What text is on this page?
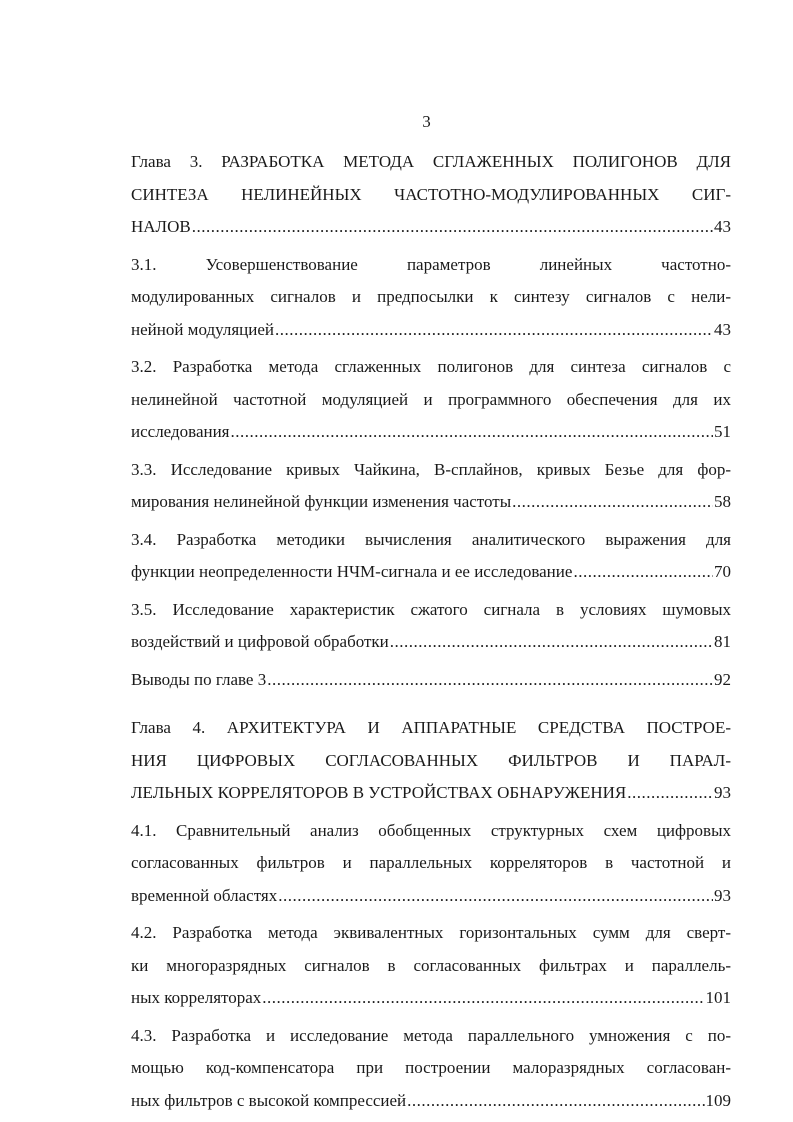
3
Глава 3. РАЗРАБОТКА МЕТОДА СГЛАЖЕННЫХ ПОЛИГОНОВ ДЛЯ
СИНТЕЗА НЕЛИНЕЙНЫХ ЧАСТОТНО-МОДУЛИРОВАННЫХ СИГ-
НАЛОВ .....	43
3.1. Усовершенствование параметров линейных частотно-
модулированных сигналов и предпосылки к синтезу сигналов с нели-
нейной модуляцией .....	43
3.2. Разработка метода сглаженных полигонов для синтеза сигналов с
нелинейной частотной модуляцией и программного обеспечения для их
исследования .....	51
3.3. Исследование кривых Чайкина, В-сплайнов, кривых Безье для фор-
мирования нелинейной функции изменения частоты .....	58
3.4. Разработка методики вычисления аналитического выражения для
функции неопределенности НЧМ-сигнала и ее исследование .....	70
3.5. Исследование характеристик сжатого сигнала в условиях шумовых
воздействий и цифровой обработки .....	81
Выводы по главе 3 .....	92
Глава 4. АРХИТЕКТУРА И АППАРАТНЫЕ СРЕДСТВА ПОСТРОЕ-
НИЯ ЦИФРОВЫХ СОГЛАСОВАННЫХ ФИЛЬТРОВ И ПАРАЛ-
ЛЕЛЬНЫХ КОРРЕЛЯТОРОВ В УСТРОЙСТВАХ ОБНАРУЖЕНИЯ .....	93
4.1. Сравнительный анализ обобщенных структурных схем цифровых
согласованных фильтров и параллельных корреляторов в частотной и
временной областях .....	93
4.2. Разработка метода эквивалентных горизонтальных сумм для сверт-
ки многоразрядных сигналов в согласованных фильтрах и параллель-
ных корреляторах .....	101
4.3. Разработка и исследование метода параллельного умножения с по-
мощью код-компенсатора при построении малоразрядных согласован-
ных фильтров с высокой компрессией .....	109
